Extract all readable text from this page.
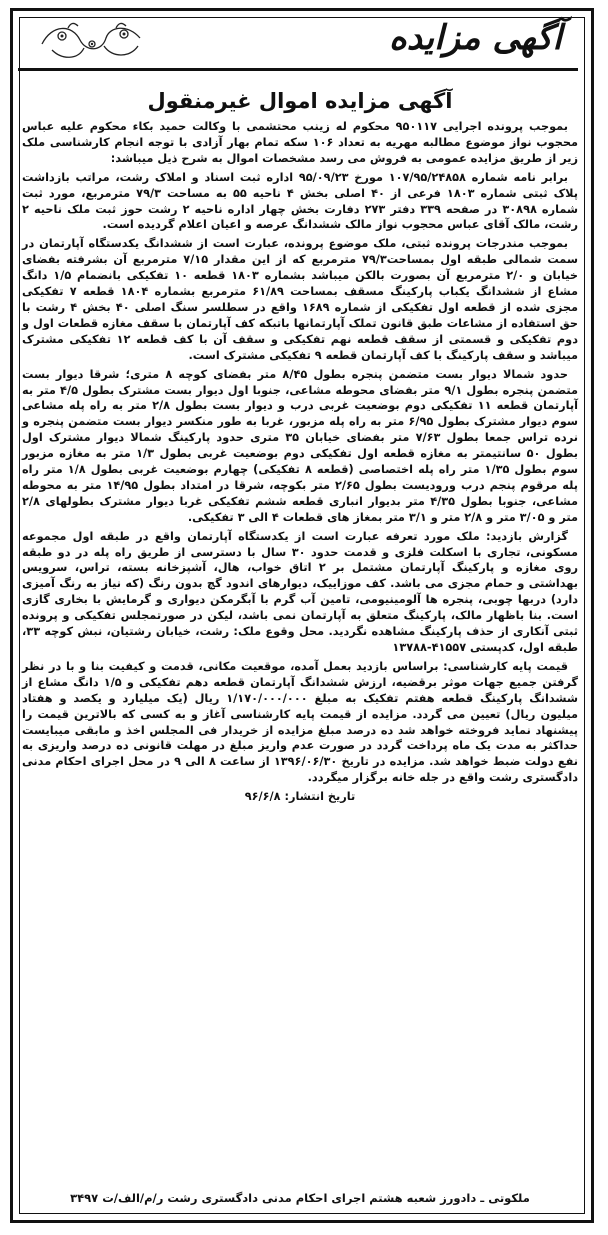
آگهی مزایده
آگهی مزایده اموال غیرمنقول

بموجب پرونده اجرایی ۹۵۰۱۱۷ محکوم له زینب محتشمی با وکالت حمید بکاء محکوم علیه عباس محجوب نواز موضوع مطالبه مهریه به تعداد ۱۰۶ سکه تمام بهار آزادی با توجه انجام کارشناسی ملک زیر از طریق مزایده عمومی به فروش می رسد مشخصات اموال به شرح ذیل میباشد:

برابر نامه شماره ۱۰۷/۹۵/۲۴۸۵۸ مورخ ۹۵/۰۹/۲۳ اداره ثبت اسناد و املاک رشت، مراتب بازداشت پلاک ثبتی شماره ۱۸۰۳ فرعی از ۴۰ اصلی بخش ۴ ناحیه ۵۵ به مساحت ۷۹/۳ مترمربع، مورد ثبت شماره ۳۰۸۹۸ در صفحه ۳۳۹ دفتر ۲۷۳ دفارت بخش چهار اداره ناحیه ۲ رشت حوز ثبت ملک ناحیه ۲ رشت، مالک آقای عباس محجوب نواز مالک ششدانگ عرصه و اعیان اعلام گردیده است.

بموجب مندرجات پرونده ثبتی، ملک موضوع پرونده، عبارت است از ششدانگ یکدستگاه آپارتمان در سمت شمالی طبقه اول بمساحت۷۹/۳ مترمربع که از این مقدار ۷/۱۵ مترمربع آن بشرفته بفضای خیابان و ۲/۰ مترمربع آن بصورت بالکن میباشد بشماره ۱۸۰۳ قطعه ۱۰ تفکیکی بانضمام ۱/۵ دانگ مشاع از ششدانگ یکباب پارکینگ مسقف بمساحت ۶۱/۸۹ مترمربع بشماره ۱۸۰۴ قطعه ۷ تفکیکی مجزی شده از قطعه اول تفکیکی از شماره ۱۶۸۹ واقع در سطلسر سنگ اصلی ۴۰ بخش ۴ رشت با حق استفاده از مشاعات طبق قانون تملک آپارتمانها باتبکه کف آپارتمان با سقف مغازه قطعات اول و دوم تفکیکی و قسمتی از سقف قطعه نهم تفکیکی و سقف آن با کف قطعه ۱۲ تفکیکی مشترک میباشد و سقف پارکینگ با کف آپارتمان قطعه ۹ تفکیکی مشترک است.

حدود شمالا دیوار بست متضمن پنجره بطول ۸/۴۵ متر بفضای کوچه ۸ متری؛ شرقا دیوار بست متضمن پنجره بطول ۹/۱ متر بفضای محوطه مشاعی، جنوبا اول دیوار بست مشترک بطول ۴/۵ متر به آپارتمان قطعه ۱۱ تفکیکی دوم بوضعیت غربی درب و دیوار بست بطول ۲/۸ متر به راه پله مشاعی سوم دیوار مشترک بطول ۶/۹۵ متر به راه پله مزبور، غربا به طور منکسر دیوار بست متضمن پنجره و نرده تراس جمعا بطول ۷/۶۳ متر بفضای خیابان ۳۵ متری حدود پارکینگ شمالا دیوار مشترک اول بطول ۵۰ سانتیمتر به مغازه قطعه اول تفکیکی دوم بوضعیت غربی بطول ۱/۳ متر به مغازه مزبور سوم بطول ۱/۳۵ متر راه پله اختصاصی (قطعه ۸ تفکیکی) چهارم بوضعیت غربی بطول ۱/۸ متر راه پله مرقوم پنجم درب ورودیست بطول ۲/۶۵ متر بکوچه، شرقا در امتداد بطول ۱۴/۹۵ متر به محوطه مشاعی، جنوبا بطول ۴/۳۵ متر بدیوار انباری قطعه ششم تفکیکی غربا دیوار مشترک بطولهای ۲/۸ متر و ۳/۰۵ متر و ۲/۸ متر و ۳/۱ متر بمغاز های قطعات ۴ الی ۳ تفکیکی.

گزارش بازدید: ملک مورد تعرفه عبارت است از یکدستگاه آپارتمان واقع در طبقه اول مجموعه مسکونی، تجاری با اسکلت فلزی و قدمت حدود ۳۰ سال با دسترسی از طریق راه پله در دو طبقه روی مغازه و پارکینگ آپارتمان مشتمل بر ۲ اتاق خواب، هال، آشپزخانه بسته، تراس، سرویس بهداشتی و حمام مجزی می باشد. کف موزاییک، دیوارهای اندود گچ بدون رنگ (که نیاز به رنگ آمیزی دارد) دربها چوبی، پنجره ها آلومینیومی، تامین آب گرم با آبگرمکن دیواری و گرمایش با بخاری گازی است. بنا باظهار مالک، پارکینگ متعلق به آپارتمان نمی باشد، لیکن در صورتمجلس تفکیکی و پرونده ثبتی آنکاری از حذف پارکینگ مشاهده نگردید. محل وقوع ملک: رشت، خیابان رشتیان، نبش کوچه ۳۳، طبقه اول، کدپستی ۴۱۵۵۷-۱۳۷۸۸

قیمت پایه کارشناسی: براساس بازدید بعمل آمده، موقعیت مکانی، قدمت و کیفیت بنا و با در نظر گرفتن جمیع جهات موثر برقضیه، ارزش ششدانگ آپارتمان قطعه دهم تفکیکی و ۱/۵ دانگ مشاع از ششدانگ پارکینگ قطعه هفتم تفکیک به مبلغ ۱/۱۷۰/۰۰۰/۰۰۰ ریال (یک میلیارد و یکصد و هفتاد میلیون ریال) تعیین می گردد. مزایده از قیمت پایه کارشناسی آغاز و به کسی که بالاترین قیمت را پیشنهاد نماید فروخته خواهد شد ده درصد مبلغ مزایده از خریدار فی المجلس اخذ و مابقی میبایست حداکثر به مدت یک ماه پرداخت گردد در صورت عدم واریز مبلغ در مهلت قانونی ده درصد واریزی به نفع دولت ضبط خواهد شد. مزایده در تاریخ ۱۳۹۶/۰۶/۳۰ از ساعت ۸ الی ۹ در محل اجرای احکام مدنی دادگستری رشت واقع در جله خانه برگزار میگردد.

تاریخ انتشار: ۹۶/۶/۸

ملکوتی ـ دادورز شعبه هشتم اجرای احکام مدنی دادگستری رشت ر/م/الف/ت ۳۴۹۷
